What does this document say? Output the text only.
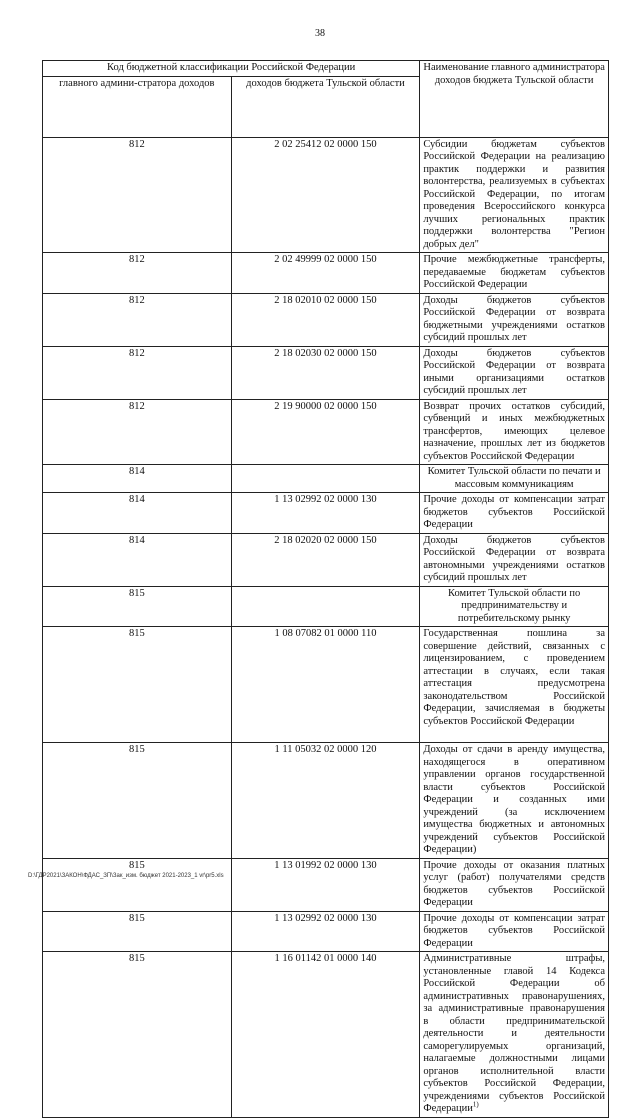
38
Код бюджетной классификации Российской Федерации		Наименование главного администратора доходов бюджета Тульской области
главного админи-стратора доходов	доходов бюджета Тульской области	
812	2 02 25412 02 0000 150	Субсидии бюджетам субъектов Российской Федерации на реализацию практик поддержки и развития волонтерства, реализуемых в субъектах Российской Федерации, по итогам проведения Всероссийского конкурса лучших региональных практик поддержки волонтерства "Регион добрых дел"
812	2 02 49999 02 0000 150	Прочие межбюджетные трансферты, передаваемые бюджетам субъектов Российской Федерации
812	2 18 02010 02 0000 150	Доходы бюджетов субъектов Российской Федерации от возврата бюджетными учреждениями остатков субсидий прошлых лет
812	2 18 02030 02 0000 150	Доходы бюджетов субъектов Российской Федерации от возврата иными организациями остатков субсидий прошлых лет
812	2 19 90000 02 0000 150	Возврат прочих остатков субсидий, субвенций и иных межбюджетных трансфертов, имеющих целевое назначение, прошлых лет из бюджетов субъектов Российской Федерации
814		Комитет Тульской области по печати и массовым коммуникациям
814	1 13 02992 02 0000 130	Прочие доходы от компенсации затрат бюджетов субъектов Российской Федерации
814	2 18 02020 02 0000 150	Доходы бюджетов субъектов Российской Федерации от возврата автономными учреждениями остатков субсидий прошлых лет
815		Комитет Тульской области по предпринимательству и потребительскому рынку
815	1 08 07082 01 0000 110	Государственная пошлина за совершение действий, связанных с лицензированием, с проведением аттестации в случаях, если такая аттестация предусмотрена законодательством Российской Федерации, зачисляемая в бюджеты субъектов Российской Федерации
815	1 11 05032 02 0000 120	Доходы от сдачи в аренду имущества, находящегося в оперативном управлении органов государственной власти субъектов Российской Федерации и созданных ими учреждений (за исключением имущества бюджетных и автономных учреждений субъектов Российской Федерации)
815	1 13 01992 02 0000 130	Прочие доходы от оказания платных услуг (работ) получателями средств бюджетов субъектов Российской Федерации
815	1 13 02992 02 0000 130	Прочие доходы от компенсации затрат бюджетов субъектов Российской Федерации
815	1 16 01142 01 0000 140	Административные штрафы, установленные главой 14 Кодекса Российской Федерации об административных правонарушениях, за административные правонарушения в области предпринимательской деятельности и деятельности саморегулируемых организаций, налагаемые должностными лицами органов исполнительной власти субъектов Российской Федерации, учреждениями субъектов Российской Федерации$^{1)}$
D:\ГДР2021\ЗАКОН\ФДАС_ЗП\Зак_изм. бюджет 2021-2023_1 vr\pr5.xls
